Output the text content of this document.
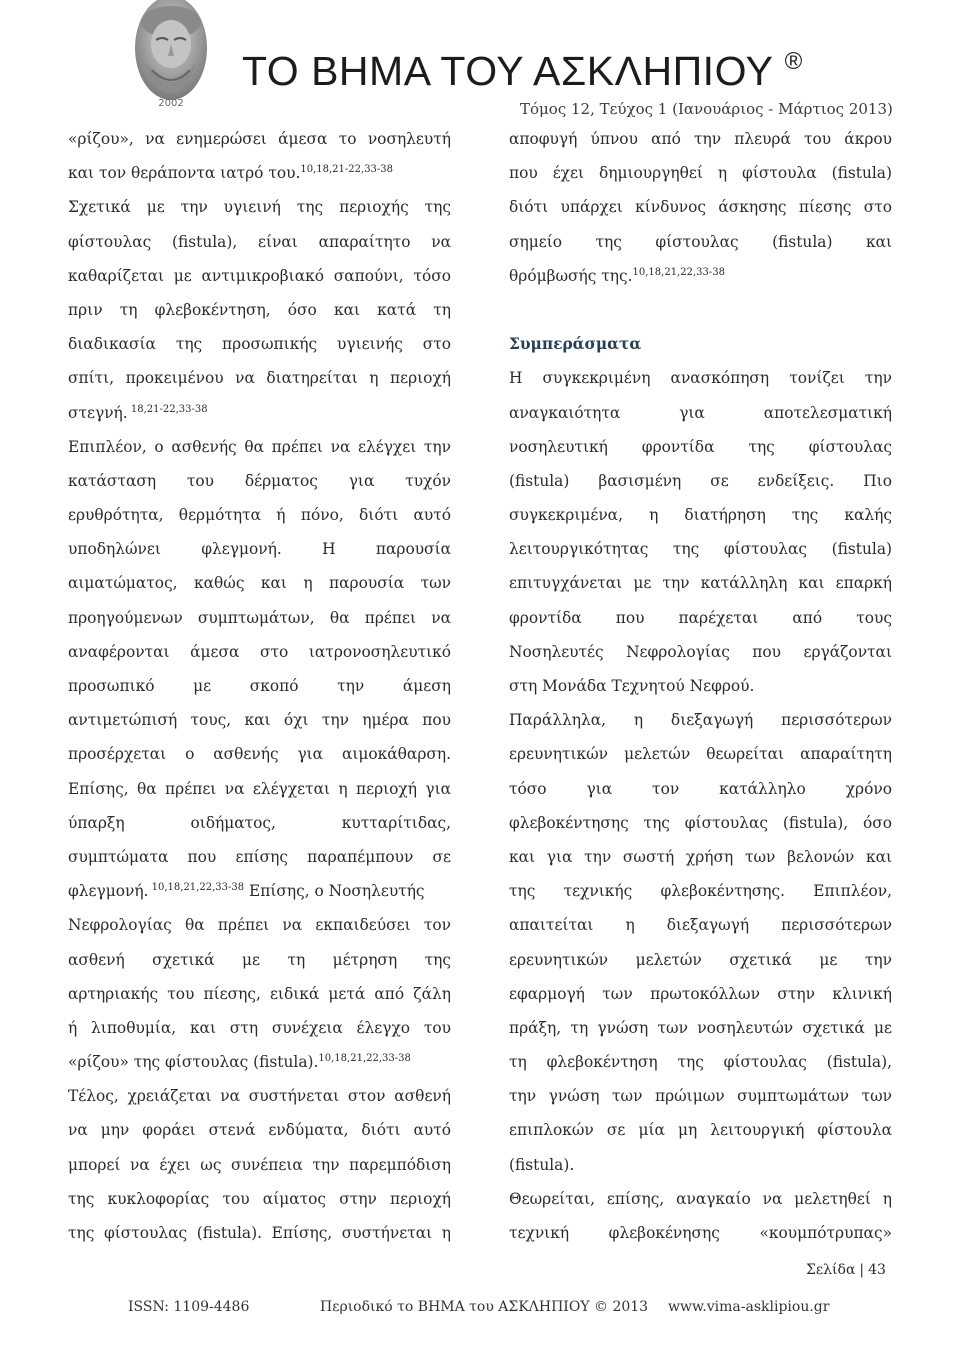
2002
ΤΟ ΒΗΜΑ ΤΟΥ ΑΣΚΛΗΠΙΟΥ ®
Τόμος 12, Τεύχος 1 (Ιανουάριος - Μάρτιος 2013)
«ρίζου», να ενημερώσει άμεσα το νοσηλευτή
και τον θεράποντα ιατρό του.$^{10,18,21-22,33-38}$
Σχετικά με την υγιεινή της περιοχής της
φίστουλας (fistula), είναι απαραίτητο να
καθαρίζεται με αντιμικροβιακό σαπούνι, τόσο
πριν τη φλεβοκέντηση, όσο και κατά τη
διαδικασία της προσωπικής υγιεινής στο
σπίτι, προκειμένου να διατηρείται η περιοχή
στεγνή. $^{18,21-22,33-38}$
Επιπλέον, ο ασθενής θα πρέπει να ελέγχει την
κατάσταση του δέρματος για τυχόν
ερυθρότητα, θερμότητα ή πόνο, διότι αυτό
υποδηλώνει φλεγμονή. Η παρουσία
αιματώματος, καθώς και η παρουσία των
προηγούμενων συμπτωμάτων, θα πρέπει να
αναφέρονται άμεσα στο ιατρονοσηλευτικό
προσωπικό με σκοπό την άμεση
αντιμετώπισή τους, και όχι την ημέρα που
προσέρχεται ο ασθενής για αιμοκάθαρση.
Επίσης, θα πρέπει να ελέγχεται η περιοχή για
ύπαρξη οιδήματος, κυτταρίτιδας,
συμπτώματα που επίσης παραπέμπουν σε
φλεγμονή. $^{10,18,21,22,33-38}$ Επίσης, ο Νοσηλευτής
Νεφρολογίας θα πρέπει να εκπαιδεύσει τον
ασθενή σχετικά με τη μέτρηση της
αρτηριακής του πίεσης, ειδικά μετά από ζάλη
ή λιποθυμία, και στη συνέχεια έλεγχο του
«ρίζου» της φίστουλας (fistula).$^{10,18,21,22,33-38}$
Τέλος, χρειάζεται να συστήνεται στον ασθενή
να μην φοράει στενά ενδύματα, διότι αυτό
μπορεί να έχει ως συνέπεια την παρεμπόδιση
της κυκλοφορίας του αίματος στην περιοχή
της φίστουλας (fistula). Επίσης, συστήνεται η
αποφυγή ύπνου από την πλευρά του άκρου
που έχει δημιουργηθεί η φίστουλα (fistula)
διότι υπάρχει κίνδυνος άσκησης πίεσης στο
σημείο της φίστουλας (fistula) και
θρόμβωσής της.$^{10,18,21,22,33-38}$
Συμπεράσματα
Η συγκεκριμένη ανασκόπηση τονίζει την
αναγκαιότητα για αποτελεσματική
νοσηλευτική φροντίδα της φίστουλας
(fistula) βασισμένη σε ενδείξεις. Πιο
συγκεκριμένα, η διατήρηση της καλής
λειτουργικότητας της φίστουλας (fistula)
επιτυγχάνεται με την κατάλληλη και επαρκή
φροντίδα που παρέχεται από τους
Νοσηλευτές Νεφρολογίας που εργάζονται
στη Μονάδα Τεχνητού Νεφρού.
Παράλληλα, η διεξαγωγή περισσότερων
ερευνητικών μελετών θεωρείται απαραίτητη
τόσο για τον κατάλληλο χρόνο
φλεβοκέντησης της φίστουλας (fistula), όσο
και για την σωστή χρήση των βελονών και
της τεχνικής φλεβοκέντησης. Επιπλέον,
απαιτείται η διεξαγωγή περισσότερων
ερευνητικών μελετών σχετικά με την
εφαρμογή των πρωτοκόλλων στην κλινική
πράξη, τη γνώση των νοσηλευτών σχετικά με
τη φλεβοκέντηση της φίστουλας (fistula),
την γνώση των πρώιμων συμπτωμάτων των
επιπλοκών σε μία μη λειτουργική φίστουλα
(fistula).
Θεωρείται, επίσης, αναγκαίο να μελετηθεί η
τεχνική φλεβοκένησης «κουμπότρυπας»
Σελίδα | 43
ISSN: 1109-4486	Περιοδικό το ΒΗΜΑ του ΑΣΚΛΗΠΙΟΥ © 2013 www.vima-asklipiou.gr
